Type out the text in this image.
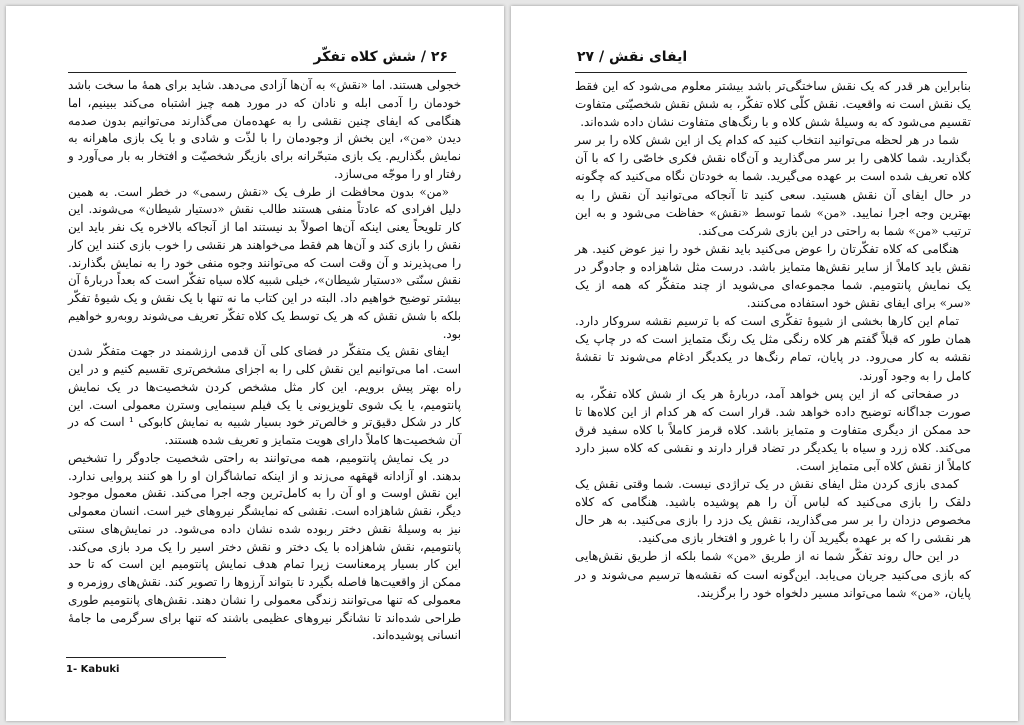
۲۶ / شش کلاه تفکّر

خجولی هستند. اما «نقش» به آن‌ها آزادی می‌دهد. شاید برای همهٔ ما سخت باشد خودمان را آدمی ابله و نادان که در مورد همه چیز اشتباه می‌کند ببینیم، اما هنگامی که ایفای چنین نقشی را به عهده‌مان می‌گذارند می‌توانیم بدون صدمه دیدن «من»، این بخش از وجودمان را با لذّت و شادی و با یک بازی ماهرانه به نمایش بگذاریم. یک بازی متبحّرانه برای بازیگر شخصیّت و افتخار به بار می‌آورد و رفتار او را موجّه می‌سازد.

«من» بدون محافظت از طرف یک «نقش رسمی» در خطر است. به همین دلیل افرادی که عادتاً منفی هستند طالب نقش «دستیار شیطان» می‌شوند. این کار تلویحاً یعنی اینکه آن‌ها اصولاً بد نیستند اما از آنجاکه بالاخره یک نفر باید این نقش را بازی کند و آن‌ها هم فقط می‌خواهند هر نقشی را خوب بازی کنند این کار را می‌پذیرند و آن وقت است که می‌توانند وجوه منفی خود را به نمایش بگذارند. نقش سنّتی «دستیار شیطان»، خیلی شبیه کلاه سیاه تفکّر است که بعداً دربارهٔ آن بیشتر توضیح خواهیم داد. البته در این کتاب ما نه تنها با یک نقش و یک شیوهٔ تفکّر بلکه با شش نقش که هر یک توسط یک کلاه تفکّر تعریف می‌شوند روبه‌رو خواهیم بود.

ایفای نقش یک متفکّر در فضای کلی آن قدمی ارزشمند در جهت متفکّر شدن است. اما می‌توانیم این نقش کلی را به اجزای مشخص‌تری تقسیم کنیم و در این راه بهتر پیش برویم. این کار مثل مشخص کردن شخصیت‌ها در یک نمایش پانتومیم، یا یک شوی تلویزیونی یا یک فیلم سینمایی وسترن معمولی است. این کار در شکل دقیق‌تر و خالص‌تر خود بسیار شبیه به نمایش کابوکی ¹ است که در آن شخصیت‌ها کاملاً دارای هویت متمایز و تعریف شده هستند.

در یک نمایش پانتومیم، همه می‌توانند به راحتی شخصیت جادوگر را تشخیص بدهند. او آزادانه قهقهه می‌زند و از اینکه تماشاگران او را هو کنند پروایی ندارد. این نقش اوست و او آن را به کامل‌ترین وجه اجرا می‌کند. نقش معمول موجود دیگر، نقش شاهزاده است. نقشی که نمایشگر نیروهای خیر است. انسان معمولی نیز به وسیلهٔ نقش دختر ربوده شده نشان داده می‌شود. در نمایش‌های سنتی پانتومیم، نقش شاهزاده با یک دختر و نقش دختر اسیر را یک مرد بازی می‌کند. این کار بسیار پرمعناست زیرا تمام هدف نمایش پانتومیم این است که تا حد ممکن از واقعیت‌ها فاصله بگیرد تا بتواند آرزوها را تصویر کند. نقش‌های روزمره و معمولی که تنها می‌توانند زندگی معمولی را نشان دهند. نقش‌های پانتومیم طوری طراحی شده‌اند تا نشانگر نیروهای عظیمی باشند که تنها برای سرگرمی ما جامهٔ انسانی پوشیده‌اند.

1- Kabuki
ایفای نقش / ۲۷

بنابراین هر قدر که یک نقش ساختگی‌تر باشد بیشتر معلوم می‌شود که این فقط یک نقش است نه واقعیت. نقش کلّی کلاه تفکّر، به شش نقش شخصیّتی متفاوت تقسیم می‌شود که به وسیلهٔ شش کلاه و با رنگ‌های متفاوت نشان داده شده‌اند.

شما در هر لحظه می‌توانید انتخاب کنید که کدام یک از این شش کلاه را بر سر بگذارید. شما کلاهی را بر سر می‌گذارید و آن‌گاه نقش فکری خاصّی را که با آن کلاه تعریف شده است بر عهده می‌گیرید. شما به خودتان نگاه می‌کنید که چگونه در حال ایفای آن نقش هستید. سعی کنید تا آنجاکه می‌توانید آن نقش را به بهترین وجه اجرا نمایید. «من» شما توسط «نقش» حفاظت می‌شود و به این ترتیب «من» شما به راحتی در این بازی شرکت می‌کند.

هنگامی که کلاه تفکّرتان را عوض می‌کنید باید نقش خود را نیز عوض کنید. هر نقش باید کاملاً از سایر نقش‌ها متمایز باشد. درست مثل شاهزاده و جادوگر در یک نمایش پانتومیم. شما مجموعه‌ای می‌شوید از چند متفکّر که همه از یک «سر» برای ایفای نقش خود استفاده می‌کنند.

تمام این کارها بخشی از شیوهٔ تفکّری است که با ترسیم نقشه سروکار دارد. همان طور که قبلاً گفتم هر کلاه رنگی مثل یک رنگ متمایز است که در چاپ یک نقشه به کار می‌رود. در پایان، تمام رنگ‌ها در یکدیگر ادغام می‌شوند تا نقشهٔ کامل را به وجود آورند.

در صفحاتی که از این پس خواهد آمد، دربارهٔ هر یک از شش کلاه تفکّر، به صورت جداگانه توضیح داده خواهد شد. قرار است که هر کدام از این کلاه‌ها تا حد ممکن از دیگری متفاوت و متمایز باشد. کلاه قرمز کاملاً با کلاه سفید فرق می‌کند. کلاه زرد و سیاه با یکدیگر در تضاد قرار دارند و نقشی که کلاه سبز دارد کاملاً از نقش کلاه آبی متمایز است.

کمدی بازی کردن مثل ایفای نقش در یک تراژدی نیست. شما وقتی نقش یک دلقک را بازی می‌کنید که لباس آن را هم پوشیده باشید. هنگامی که کلاه مخصوص دزدان را بر سر می‌گذارید، نقش یک دزد را بازی می‌کنید. به هر حال هر نقشی را که بر عهده بگیرید آن را با غرور و افتخار بازی می‌کنید.

در این حال روند تفکّر شما نه از طریق «من» شما بلکه از طریق نقش‌هایی که بازی می‌کنید جریان می‌یابد. این‌گونه است که نقشه‌ها ترسیم می‌شوند و در پایان، «من» شما می‌تواند مسیر دلخواه خود را برگزیند.
